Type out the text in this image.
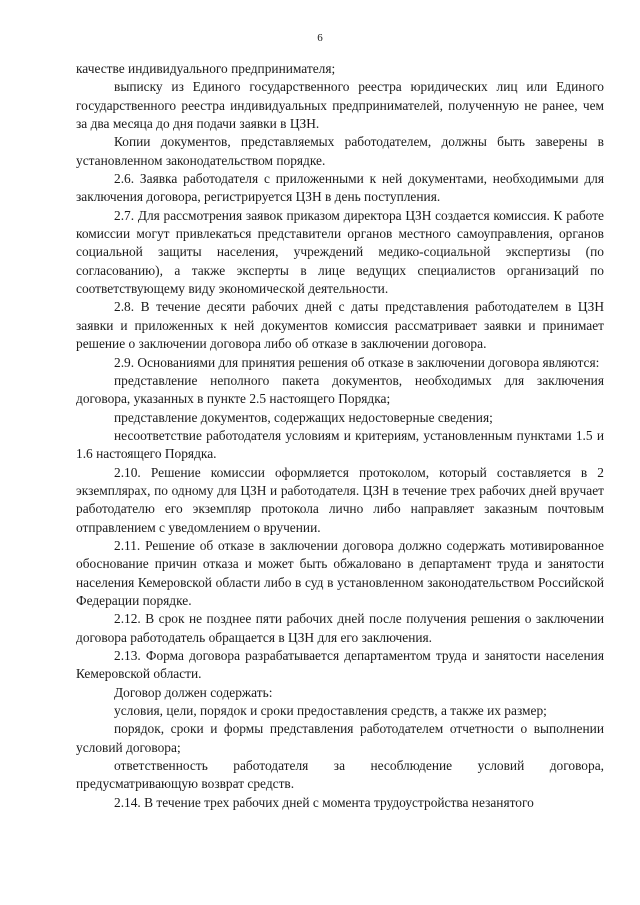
6

качестве индивидуального предпринимателя;

выписку из Единого государственного реестра юридических лиц или Единого государственного реестра индивидуальных предпринимателей, полученную не ранее, чем за два месяца до дня подачи заявки в ЦЗН.

Копии документов, представляемых работодателем, должны быть заверены в установленном законодательством порядке.

2.6. Заявка работодателя с приложенными к ней документами, необходимыми для заключения договора, регистрируется ЦЗН в день поступления.

2.7. Для рассмотрения заявок приказом директора ЦЗН создается комиссия. К работе комиссии могут привлекаться представители органов местного самоуправления, органов социальной защиты населения, учреждений медико-социальной экспертизы (по согласованию), а также эксперты в лице ведущих специалистов организаций по соответствующему виду экономической деятельности.

2.8. В течение десяти рабочих дней с даты представления работодателем в ЦЗН заявки и приложенных к ней документов комиссия рассматривает заявки и принимает решение о заключении договора либо об отказе в заключении договора.

2.9. Основаниями для принятия решения об отказе в заключении договора являются:

представление неполного пакета документов, необходимых для заключения договора, указанных в пункте 2.5 настоящего Порядка;

представление документов, содержащих недостоверные сведения;

несоответствие работодателя условиям и критериям, установленным пунктами 1.5 и 1.6 настоящего Порядка.

2.10. Решение комиссии оформляется протоколом, который составляется в 2 экземплярах, по одному для ЦЗН и работодателя. ЦЗН в течение трех рабочих дней вручает работодателю его экземпляр протокола лично либо направляет заказным почтовым отправлением с уведомлением о вручении.

2.11. Решение об отказе в заключении договора должно содержать мотивированное обоснование причин отказа и может быть обжаловано в департамент труда и занятости населения Кемеровской области либо в суд в установленном законодательством Российской Федерации порядке.

2.12. В срок не позднее пяти рабочих дней после получения решения о заключении договора работодатель обращается в ЦЗН для его заключения.

2.13. Форма договора разрабатывается департаментом труда и занятости населения Кемеровской области.

Договор должен содержать:

условия, цели, порядок и сроки предоставления средств, а также их размер;

порядок, сроки и формы представления работодателем отчетности о выполнении условий договора;

ответственность работодателя за несоблюдение условий договора, предусматривающую возврат средств.

2.14. В течение трех рабочих дней с момента трудоустройства незанятого
